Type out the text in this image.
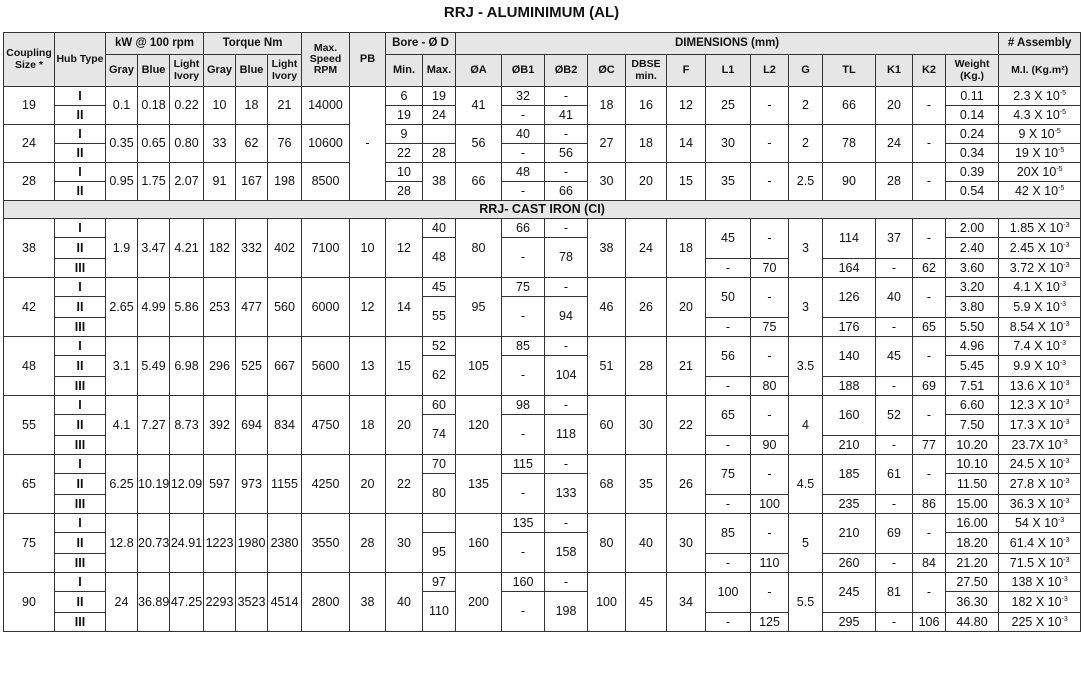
RRJ - ALUMINIMUM (AL)
Coupling Size *	Hub Type	kW @ 100 rpm			Torque Nm			Max. Speed RPM	PB	Bore - Ø D		DIMENSIONS (mm)													# Assembly
		Gray	Blue	Light Ivory	Gray	Blue	Light Ivory			Min.	Max.	ØA	ØB1	ØB2	ØC	DBSE min.	F	L1	L2	G	TL	K1	K2	Weight (Kg.)	M.I. (Kg.m²)
19	I	0.1	0.18	0.22	10	18	21	14000	-	6	19	41	32	-	18	16	12	25	-	2	66	20	-	0.11	2.3 X $10^{-5}$
	II									19	24		-	41										0.14	4.3 X $10^{-5}$
24	I	0.35	0.65	0.80	33	62	76	10600		9		56	40	-	27	18	14	30	-	2	78	24	-	0.24	9 X $10^{-5}$
	II									22	28		-	56										0.34	19 X $10^{-5}$
28	I	0.95	1.75	2.07	91	167	198	8500		10	38	66	48	-	30	20	15	35	-	2.5	90	28	-	0.39	20X $10^{-5}$
	II									28			-	66										0.54	42 X $10^{-5}$
RRJ- CAST IRON (CI)																									
38	I	1.9	3.47	4.21	182	332	402	7100	10	12	40	80	66	-	38	24	18	45	-	3	114	37	-	2.00	1.85 X $10^{-3}$
	II										48		-	78										2.40	2.45 X $10^{-3}$
	III																	-	70		164	-	62	3.60	3.72 X $10^{-3}$
42	I	2.65	4.99	5.86	253	477	560	6000	12	14	45	95	75	-	46	26	20	50	-	3	126	40	-	3.20	4.1 X $10^{-3}$
	II										55		-	94										3.80	5.9 X $10^{-3}$
	III																	-	75		176	-	65	5.50	8.54 X $10^{-3}$
48	I	3.1	5.49	6.98	296	525	667	5600	13	15	52	105	85	-	51	28	21	56	-	3.5	140	45	-	4.96	7.4 X $10^{-3}$
	II										62		-	104										5.45	9.9 X $10^{-3}$
	III																	-	80		188	-	69	7.51	13.6 X $10^{-3}$
55	I	4.1	7.27	8.73	392	694	834	4750	18	20	60	120	98	-	60	30	22	65	-	4	160	52	-	6.60	12.3 X $10^{-3}$
	II										74		-	118										7.50	17.3 X $10^{-3}$
	III																	-	90		210	-	77	10.20	23.7X $10^{-3}$
65	I	6.25	10.19	12.09	597	973	1155	4250	20	22	70	135	115	-	68	35	26	75	-	4.5	185	61	-	10.10	24.5 X $10^{-3}$
	II										80		-	133										11.50	27.8 X $10^{-3}$
	III																	-	100		235	-	86	15.00	36.3 X $10^{-3}$
75	I	12.8	20.73	24.91	1223	1980	2380	3550	28	30		160	135	-	80	40	30	85	-	5	210	69	-	16.00	54 X $10^{-3}$
	II										95		-	158										18.20	61.4 X $10^{-3}$
	III																	-	110		260	-	84	21.20	71.5 X $10^{-3}$
90	I	24	36.89	47.25	2293	3523	4514	2800	38	40	97	200	160	-	100	45	34	100	-	5.5	245	81	-	27.50	138 X $10^{-3}$
	II										110		-	198										36.30	182 X $10^{-3}$
	III																	-	125		295	-	106	44.80	225 X $10^{-3}$
